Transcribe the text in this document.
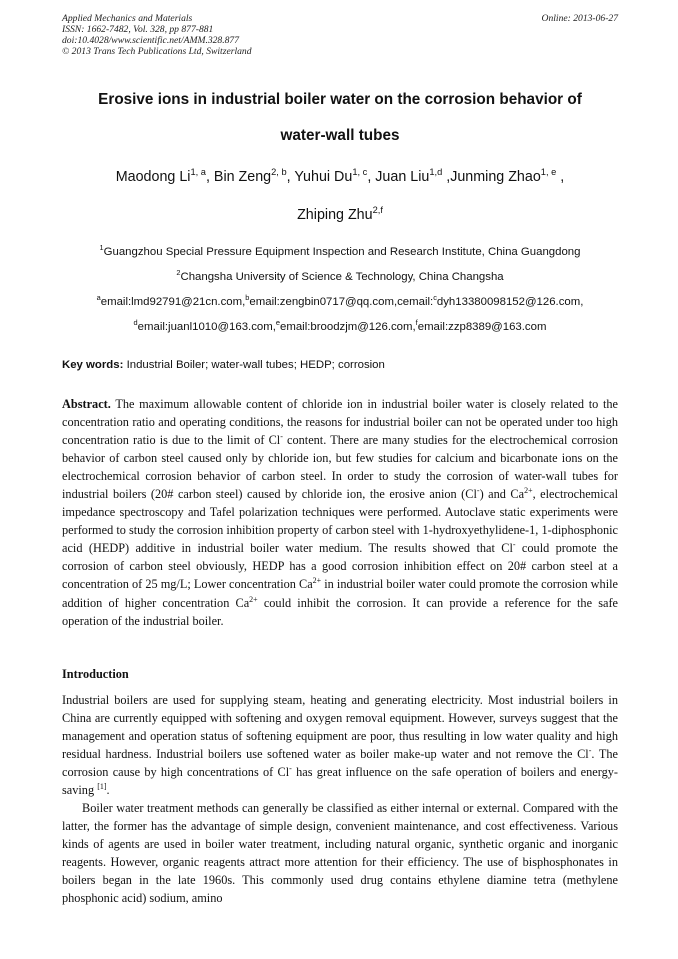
Applied Mechanics and Materials
ISSN: 1662-7482, Vol. 328, pp 877-881
doi:10.4028/www.scientific.net/AMM.328.877
© 2013 Trans Tech Publications Ltd, Switzerland
Online: 2013-06-27
Erosive ions in industrial boiler water on the corrosion behavior of
water-wall tubes
Maodong Li$^{1, a}$, Bin Zeng$^{2, b}$, Yuhui Du$^{1, c}$, Juan Liu$^{1,d}$ ,Junming Zhao$^{1, e}$ ,
Zhiping Zhu$^{2,f}$
$^1$Guangzhou Special Pressure Equipment Inspection and Research Institute, China Guangdong
$^2$Changsha University of Science & Technology, China Changsha
$^a$email:lmd92791@21cn.com,$^b$email:zengbin0717@qq.com,cemail:$^c$dyh13380098152@126.com,
$^d$email:juanl1010@163.com,$^e$email:broodzjm@126.com,$^f$email:zzp8389@163.com
Key words: Industrial Boiler; water-wall tubes; HEDP; corrosion
Abstract. The maximum allowable content of chloride ion in industrial boiler water is closely related to the concentration ratio and operating conditions, the reasons for industrial boiler can not be operated under too high concentration ratio is due to the limit of Cl- content. There are many studies for the electrochemical corrosion behavior of carbon steel caused only by chloride ion, but few studies for calcium and bicarbonate ions on the electrochemical corrosion behavior of carbon steel. In order to study the corrosion of water-wall tubes for industrial boilers (20# carbon steel) caused by chloride ion, the erosive anion (Cl-) and $Ca^{2+}$, electrochemical impedance spectroscopy and Tafel polarization techniques were performed. Autoclave static experiments were performed to study the corrosion inhibition property of carbon steel with 1-hydroxyethylidene-1, 1-diphosphonic acid (HEDP) additive in industrial boiler water medium. The results showed that Cl- could promote the corrosion of carbon steel obviously, HEDP has a good corrosion inhibition effect on 20# carbon steel at a concentration of 25 mg/L; Lower concentration $Ca^{2+}$ in industrial boiler water could promote the corrosion while addition of higher concentration $Ca^{2+}$ could inhibit the corrosion. It can provide a reference for the safe operation of the industrial boiler.
Introduction
Industrial boilers are used for supplying steam, heating and generating electricity. Most industrial boilers in China are currently equipped with softening and oxygen removal equipment. However, surveys suggest that the management and operation status of softening equipment are poor, thus resulting in low water quality and high residual hardness. Industrial boilers use softened water as boiler make-up water and not remove the Cl-. The corrosion cause by high concentrations of Cl- has great influence on the safe operation of boilers and energy-saving [1].
Boiler water treatment methods can generally be classified as either internal or external. Compared with the latter, the former has the advantage of simple design, convenient maintenance, and cost effectiveness. Various kinds of agents are used in boiler water treatment, including natural organic, synthetic organic and inorganic reagents. However, organic reagents attract more attention for their efficiency. The use of bisphosphonates in boilers began in the late 1960s. This commonly used drug contains ethylene diamine tetra (methylene phosphonic acid) sodium, amino
